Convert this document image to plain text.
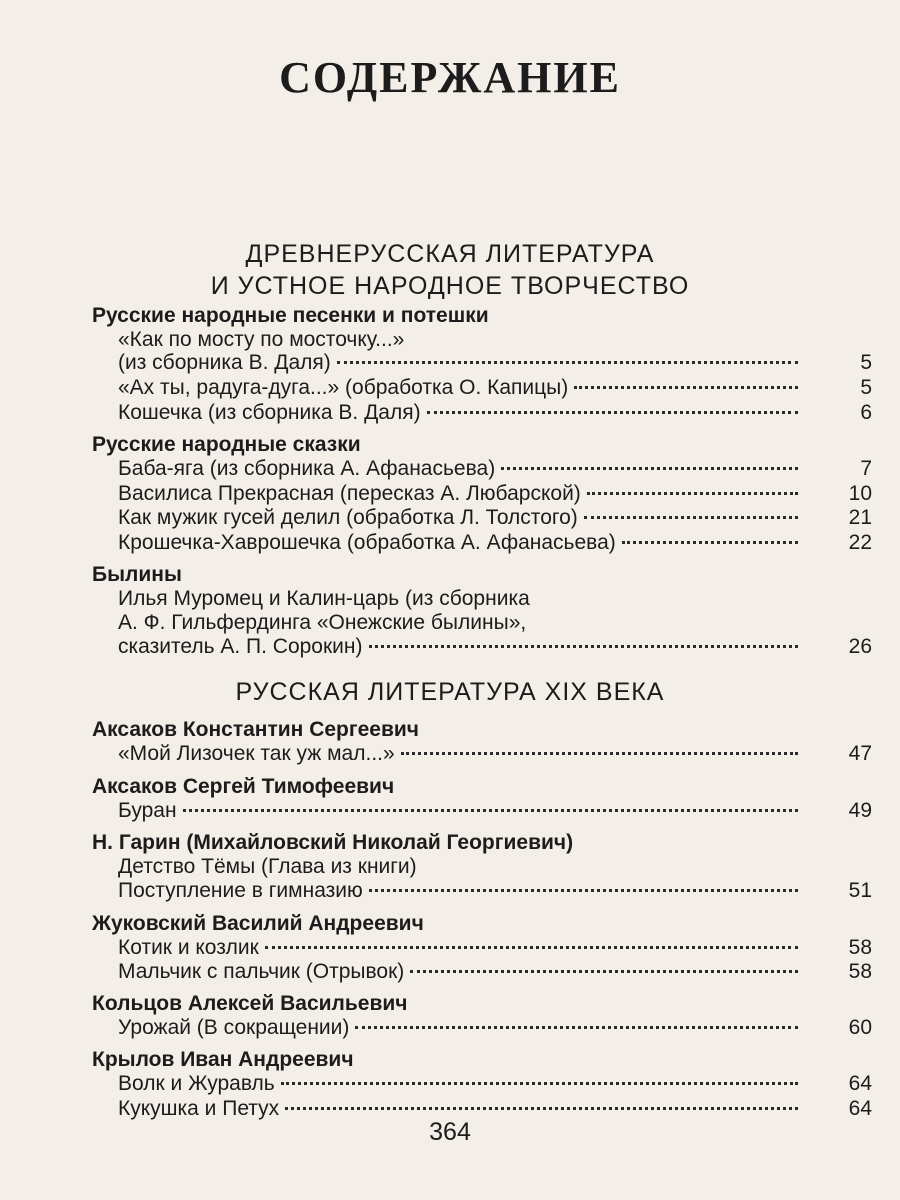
СОДЕРЖАНИЕ
ДРЕВНЕРУССКАЯ ЛИТЕРАТУРА
И УСТНОЕ НАРОДНОЕ ТВОРЧЕСТВО
РУССКАЯ ЛИТЕРАТУРА XIX ВЕКА
Русские народные песенки и потешки
«Как по мосту по мосточку...»
(из сборника В. Даля)	5
«Ах ты, радуга-дуга...» (обработка О. Капицы)	5
Кошечка (из сборника В. Даля)	6
Русские народные сказки
Баба-яга (из сборника А. Афанасьева)	7
Василиса Прекрасная (пересказ А. Любарской)	10
Как мужик гусей делил (обработка Л. Толстого)	21
Крошечка-Хаврошечка (обработка А. Афанасьева)	22
Былины
Илья Муромец и Калин-царь (из сборника
А. Ф. Гильфердинга «Онежские былины»,
сказитель А. П. Сорокин)	26
Аксаков Константин Сергеевич
«Мой Лизочек так уж мал...»	47
Аксаков Сергей Тимофеевич
Буран	49
Н. Гарин (Михайловский Николай Георгиевич)
Детство Тёмы (Глава из книги)
Поступление в гимназию	51
Жуковский Василий Андреевич
Котик и козлик	58
Мальчик с пальчик (Отрывок)	58
Кольцов Алексей Васильевич
Урожай (В сокращении)	60
Крылов Иван Андреевич
Волк и Журавль	64
Кукушка и Петух	64
364
